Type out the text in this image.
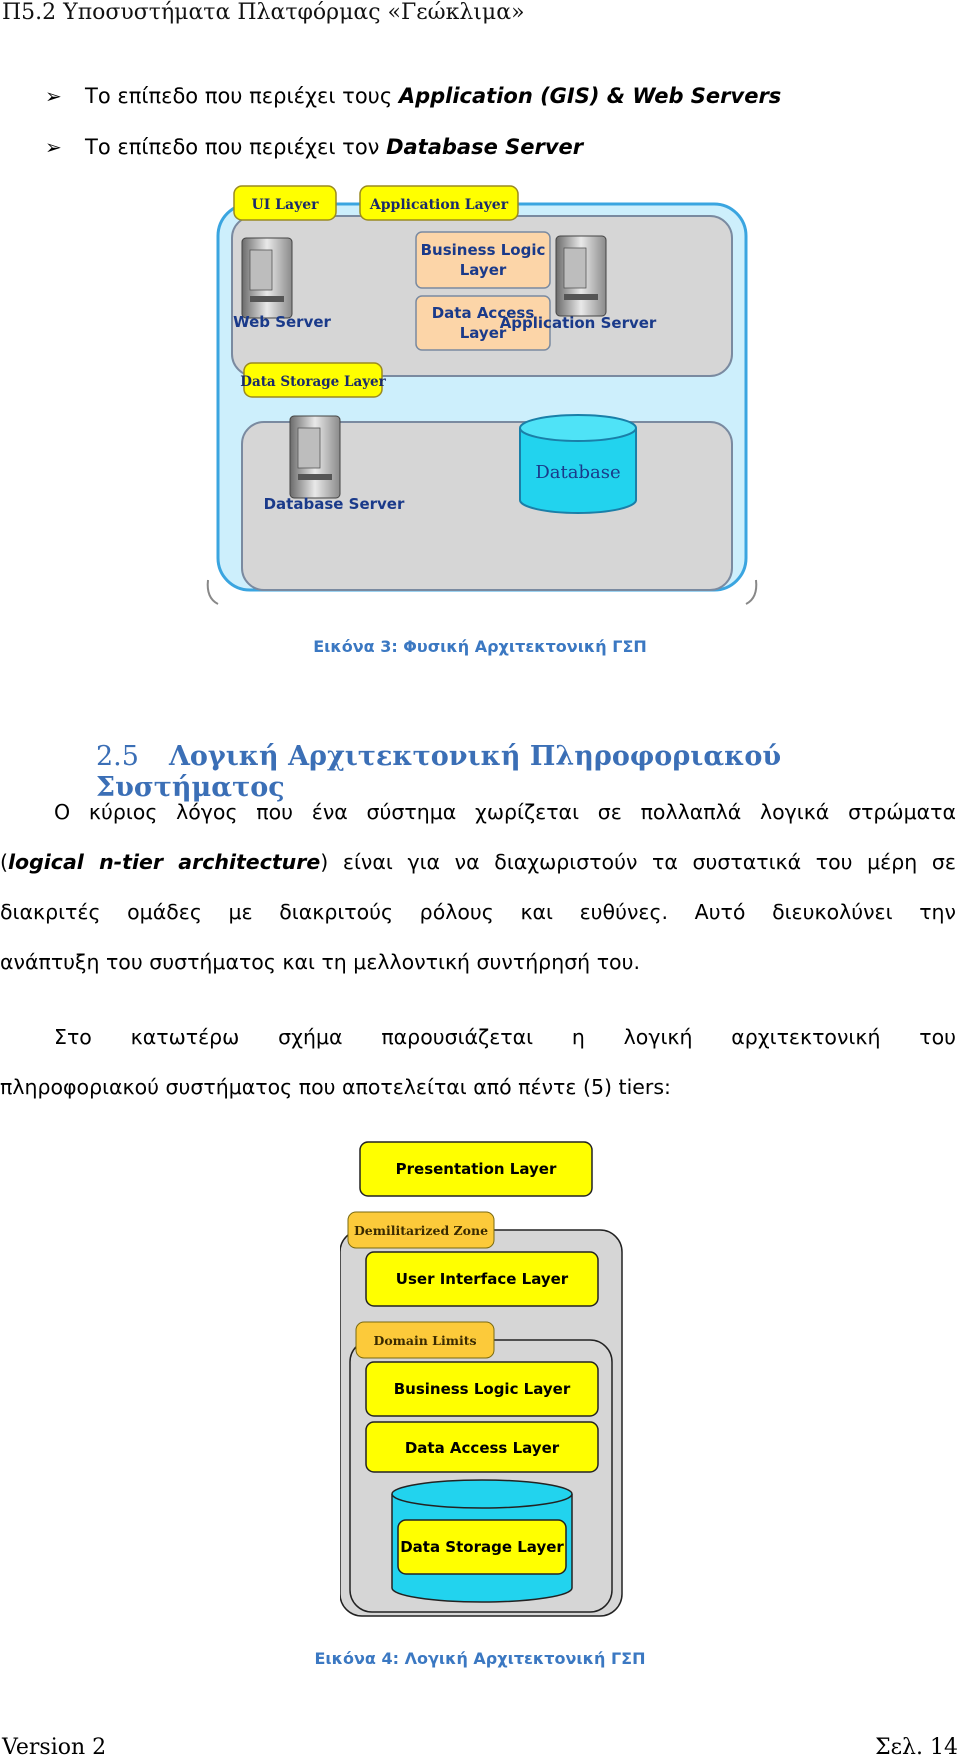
Π5.2 Υποσυστήματα Πλατφόρμας «Γεώκλιμα»
➢ Το επίπεδο που περιέχει τους Application (GIS) & Web Servers
➢ Το επίπεδο που περιέχει τον Database Server
UI Layer	Application Layer
Business Logic
Layer
Data Access
Layer
Web Server	Application Server
Data Storage Layer
Database Server
Database
Εικόνα 3: Φυσική Αρχιτεκτονική ΓΣΠ
2.5 Λογική Αρχιτεκτονική Πληροφοριακού Συστήματος

Ο κύριος λόγος που ένα σύστημα χωρίζεται σε πολλαπλά λογικά στρώματα

(logical n-tier architecture) είναι για να διαχωριστούν τα συστατικά του μέρη σε

διακριτές ομάδες με διακριτούς ρόλους και ευθύνες. Αυτό διευκολύνει την

ανάπτυξη του συστήματος και τη μελλοντική συντήρησή του.

Στο κατωτέρω σχήμα παρουσιάζεται η λογική αρχιτεκτονική του

πληροφοριακού συστήματος που αποτελείται από πέντε (5) tiers:

Presentation Layer
Demilitarized Zone
User Interface Layer
Domain Limits
Business Logic Layer
Data Access Layer
Data Storage Layer
Εικόνα 4: Λογική Αρχιτεκτονική ΓΣΠ
Version 2	Σελ. 14
